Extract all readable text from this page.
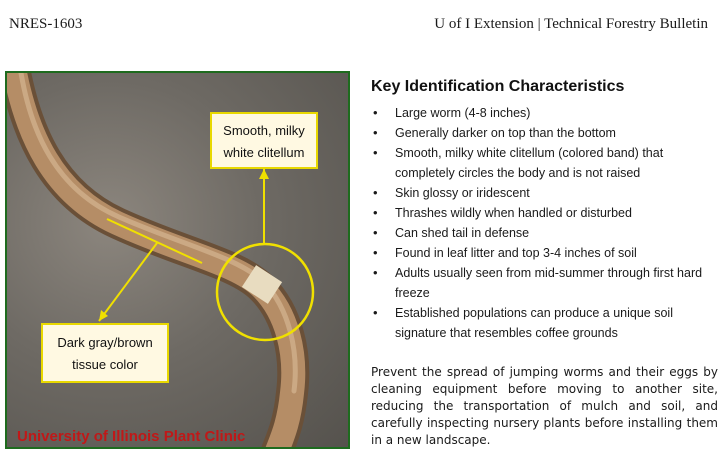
NRES-1603	U of I Extension | Technical Forestry Bulletin
Smooth, milky white clitellum
Dark gray/brown tissue color
University of Illinois Plant Clinic
Key Identification Characteristics
• Large worm (4-8 inches)
• Generally darker on top than the bottom
• Smooth, milky white clitellum (colored band) that completely circles the body and is not raised
• Skin glossy or iridescent
• Thrashes wildly when handled or disturbed
• Can shed tail in defense
• Found in leaf litter and top 3-4 inches of soil
• Adults usually seen from mid-summer through first hard freeze
• Established populations can produce a unique soil signature that resembles coffee grounds

Prevent the spread of jumping worms and their eggs by cleaning equipment before moving to another site, reducing the transportation of mulch and soil, and carefully inspecting nursery plants before installing them in a new landscape.
